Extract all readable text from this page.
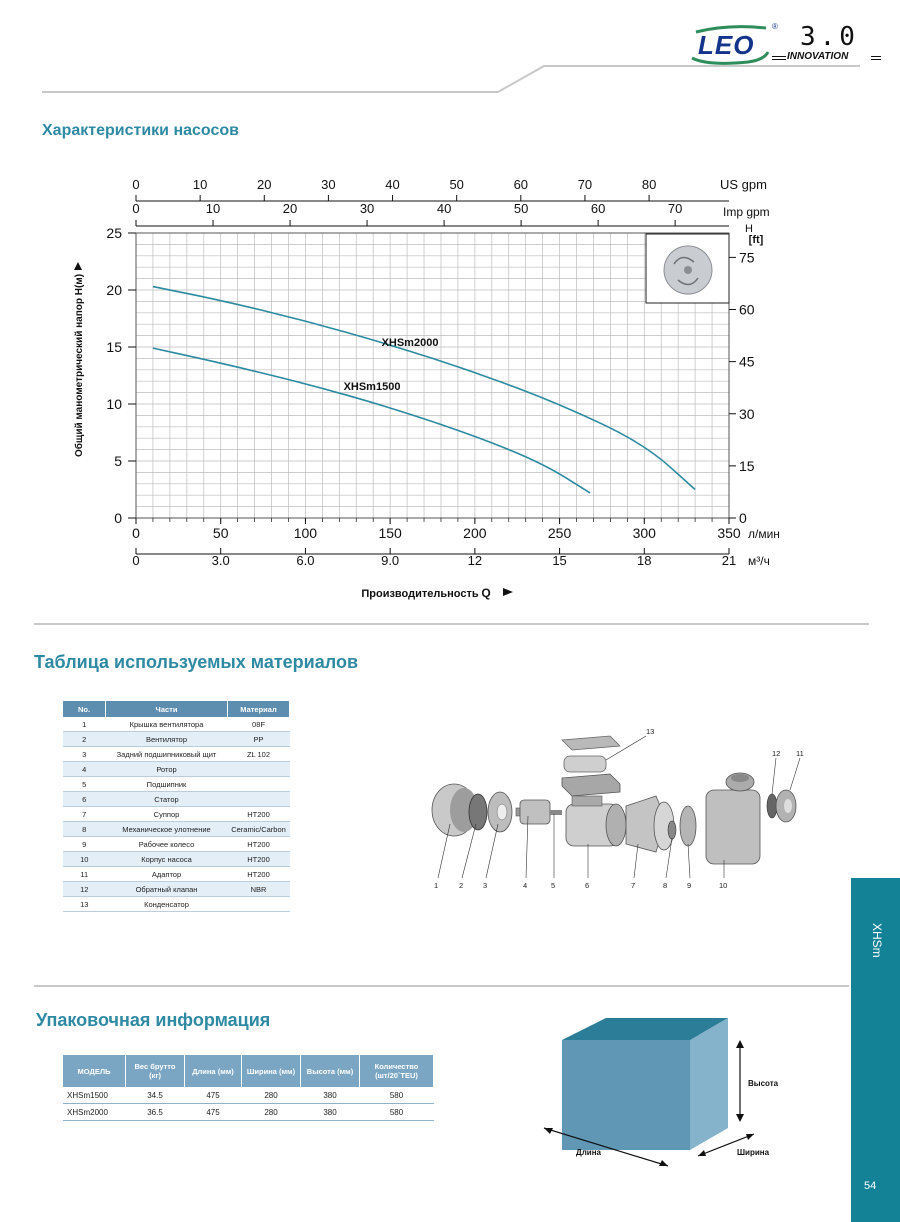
LEO
® 3.0
INNOVATION
Характеристики насосов
0
5
10
15
20
25
0	50	100	150	200	250	300	350 л/мин
0	3.0	6.0	9.0	12	15	18	21 м³/ч
0	10	20	30	40	50	60	70	80	US gpm
0	10	20	30	40	50	60	70	Imp gpm
0
15
30
45
60
75
H
[ft]
Общий манометрический напор H(м)
Производительность Q
XHSm2000
XHSm1500
Таблица используемых материалов
No.	Части	Материал
1	Крышка вентилятора	08F
2	Вентилятор	PP
3	Задний подшипниковый щит	ZL 102
4	Ротор	
5	Подшипник	
6	Статор	
7	Суппор	HT200
8	Механическое улотнение	Ceramic/Carbon
9	Рабочее колесо	HT200
10	Корпус насоса	HT200
11	Адаптор	HT200
12	Обратный клапан	NBR
13	Конденсатор	
1	2	3	4	5	6	7	8	9	10
11
12
13
Упаковочная информация
МОДЕЛЬ	Вес брутто (кг)	Длина (мм)	Ширина (мм)	Высота (мм)	Количество (шт/20`TEU)
XHSm1500	34.5	475	280	380	580
XHSm2000	36.5	475	280	380	580
Высота
Длина	Ширина
XHSm
54
